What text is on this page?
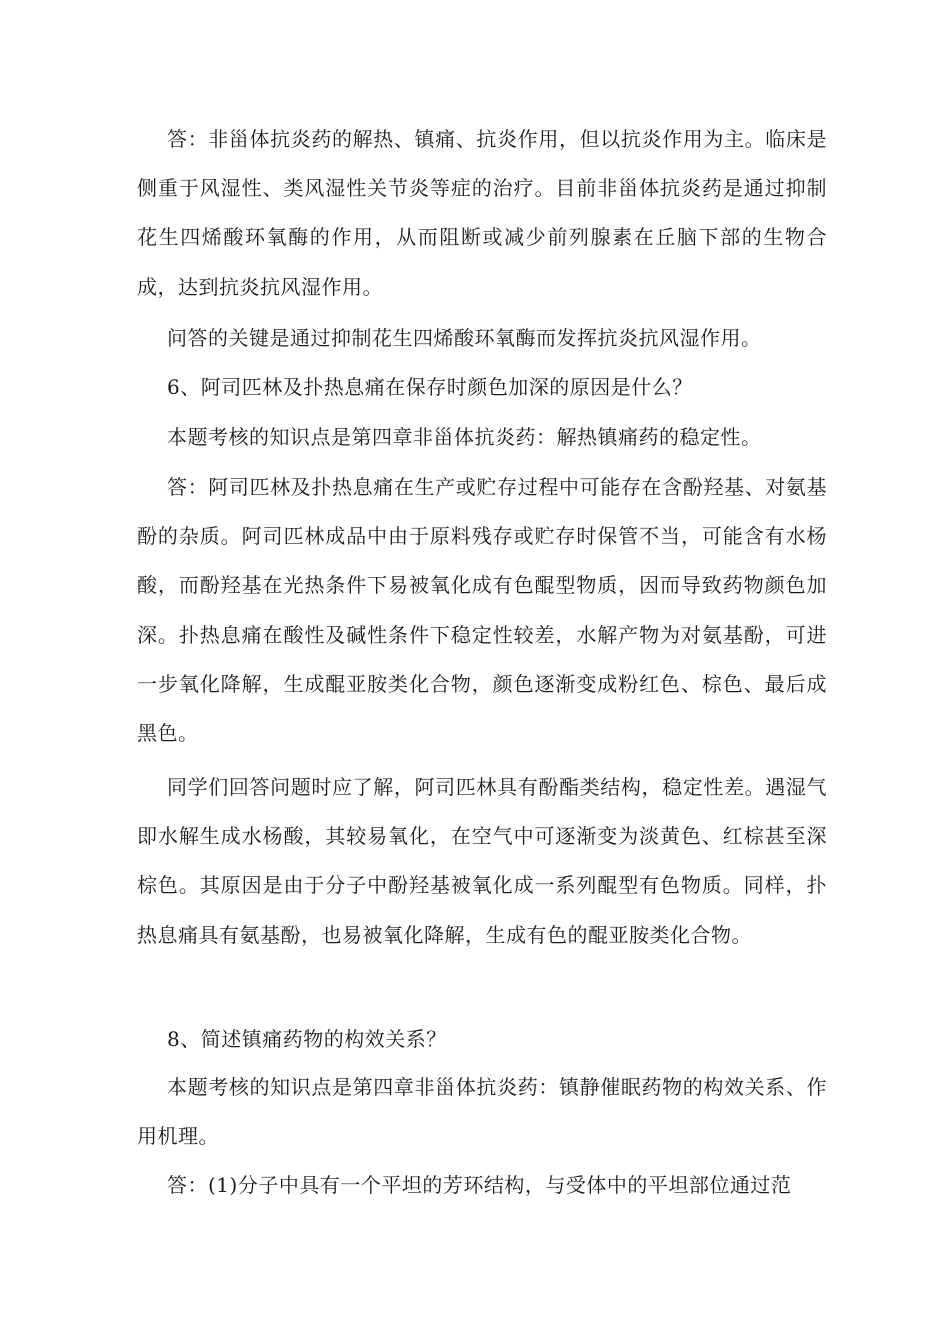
答：非甾体抗炎药的解热、镇痛、抗炎作用，但以抗炎作用为主。临床是侧重于风湿性、类风湿性关节炎等症的治疗。目前非甾体抗炎药是通过抑制花生四烯酸环氧酶的作用，从而阻断或减少前列腺素在丘脑下部的生物合成，达到抗炎抗风湿作用。

问答的关键是通过抑制花生四烯酸环氧酶而发挥抗炎抗风湿作用。

6、阿司匹林及扑热息痛在保存时颜色加深的原因是什么？

本题考核的知识点是第四章非甾体抗炎药：解热镇痛药的稳定性。

答：阿司匹林及扑热息痛在生产或贮存过程中可能存在含酚羟基、对氨基酚的杂质。阿司匹林成品中由于原料残存或贮存时保管不当，可能含有水杨酸，而酚羟基在光热条件下易被氧化成有色醌型物质，因而导致药物颜色加深。扑热息痛在酸性及碱性条件下稳定性较差，水解产物为对氨基酚，可进一步氧化降解，生成醌亚胺类化合物，颜色逐渐变成粉红色、棕色、最后成黑色。

同学们回答问题时应了解，阿司匹林具有酚酯类结构，稳定性差。遇湿气即水解生成水杨酸，其较易氧化，在空气中可逐渐变为淡黄色、红棕甚至深棕色。其原因是由于分子中酚羟基被氧化成一系列醌型有色物质。同样，扑热息痛具有氨基酚，也易被氧化降解，生成有色的醌亚胺类化合物。

8、简述镇痛药物的构效关系？

本题考核的知识点是第四章非甾体抗炎药：镇静催眠药物的构效关系、作用机理。

答：(1)分子中具有一个平坦的芳环结构，与受体中的平坦部位通过范
